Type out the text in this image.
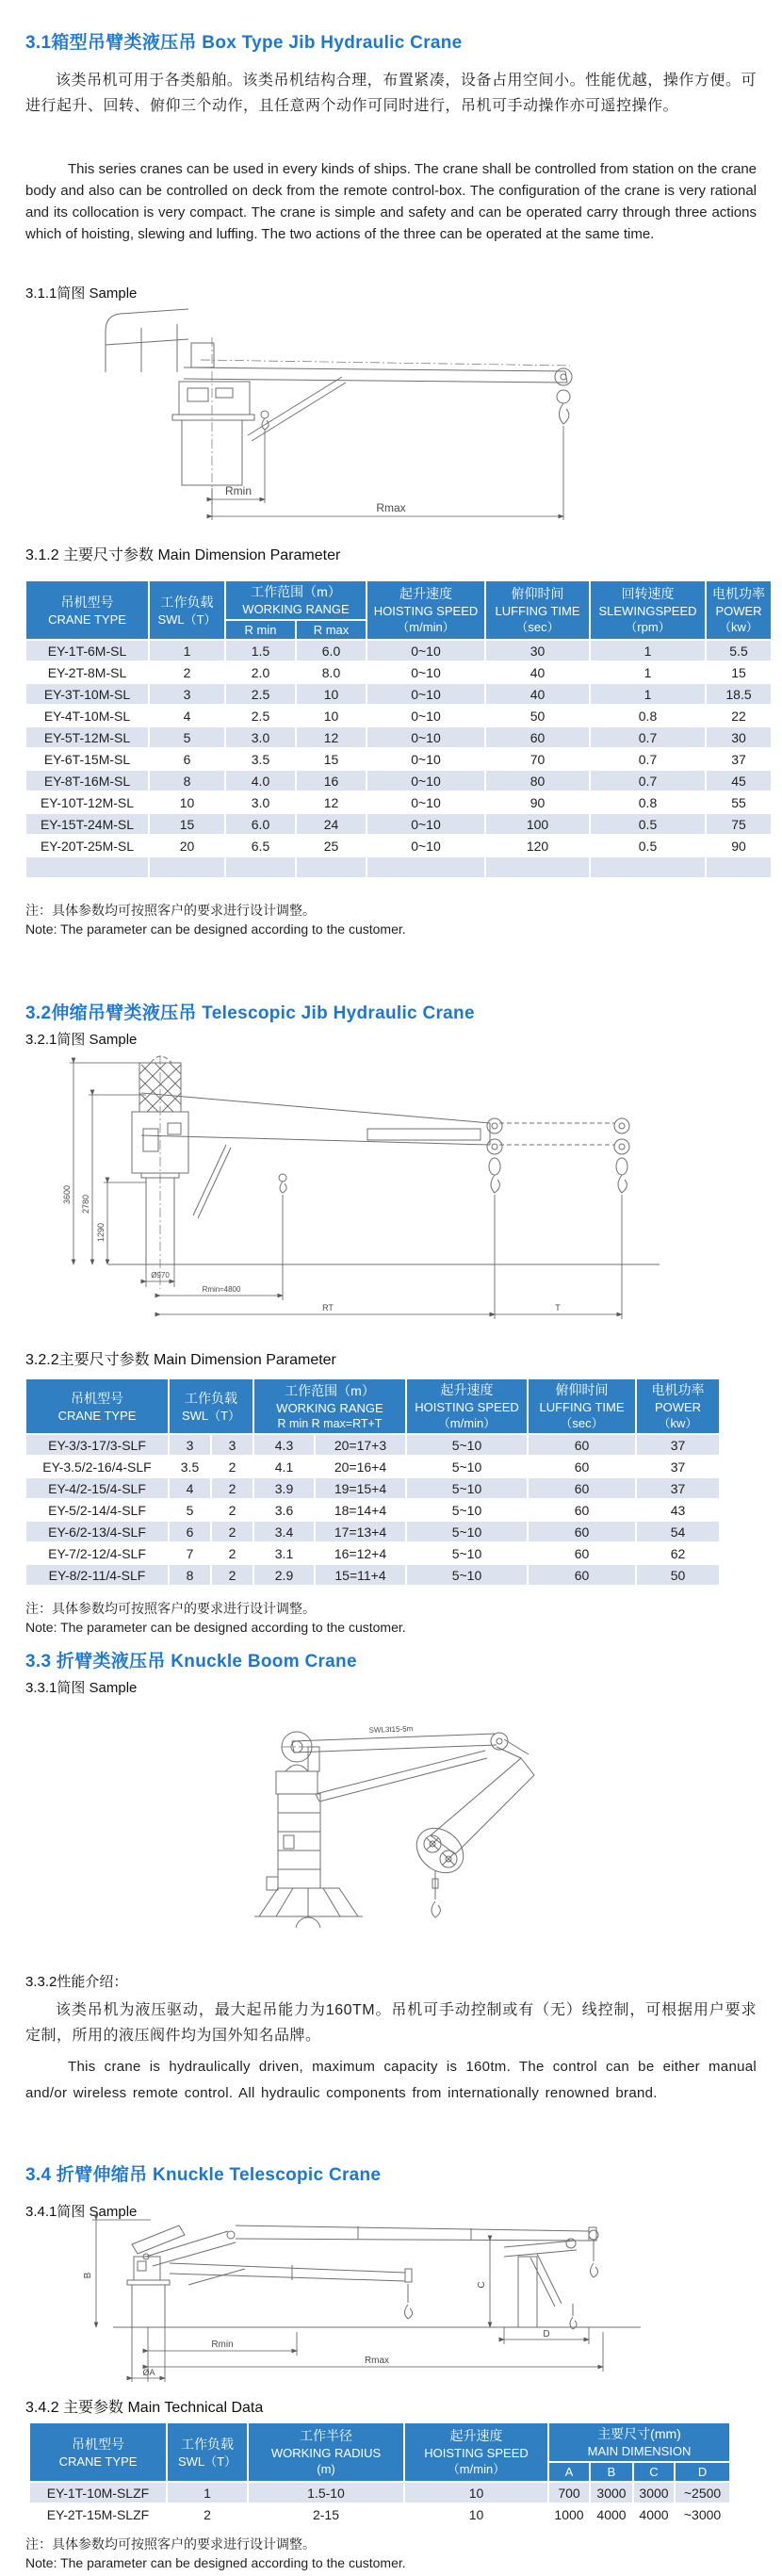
3.1箱型吊臂类液压吊 Box Type Jib Hydraulic Crane

该类吊机可用于各类船舶。该类吊机结构合理，布置紧凑，设备占用空间小。性能优越，操作方便。可进行起升、回转、俯仰三个动作，且任意两个动作可同时进行，吊机可手动操作亦可遥控操作。

This series cranes can be used in every kinds of ships. The crane shall be controlled from station on the crane body and also can be controlled on deck from the remote control-box. The configuration of the crane is very rational and its collocation is very compact. The crane is simple and safety and can be operated carry through three actions which of hoisting, slewing and luffing. The two actions of the three can be operated at the same time.

3.1.1简图 Sample
Rmin
Rmax
3.1.2 主要尺寸参数 Main Dimension Parameter
吊机型号
CRANE TYPE

工作负载
SWL（T）

工作范围（m）
WORKING RANGE

起升速度
HOISTING SPEED
（m/min）

俯仰时间
LUFFING TIME
（sec）

回转速度
SLEWINGSPEED
（rpm）

电机功率
POWER
（kw）

		R min	R max				

EY-1T-6M-SL	1	1.5	6.0	0~10	30	1	5.5
EY-2T-8M-SL	2	2.0	8.0	0~10	40	1	15
EY-3T-10M-SL	3	2.5	10	0~10	40	1	18.5
EY-4T-10M-SL	4	2.5	10	0~10	50	0.8	22
EY-5T-12M-SL	5	3.0	12	0~10	60	0.7	30
EY-6T-15M-SL	6	3.5	15	0~10	70	0.7	37
EY-8T-16M-SL	8	4.0	16	0~10	80	0.7	45
EY-10T-12M-SL	10	3.0	12	0~10	90	0.8	55
EY-15T-24M-SL	15	6.0	24	0~10	100	0.5	75
EY-20T-25M-SL	20	6.5	25	0~10	120	0.5	90

注：具体参数均可按照客户的要求进行设计调整。
Note: The parameter can be designed according to the customer.
3.2伸缩吊臂类液压吊 Telescopic Jib Hydraulic Crane
3.2.1简图 Sample
3600 2780
1290
Ø970
Rmin≈4800
RT	T
3.2.2主要尺寸参数 Main Dimension Parameter
吊机型号
CRANE TYPE

工作负载
SWL（T）

工作范围（m）
WORKING RANGE
R min R max=RT+T

起升速度
HOISTING SPEED
（m/min）

俯仰时间
LUFFING TIME
（sec）

电机功率
POWER
（kw）

EY-3/3-17/3-SLF	3	3	4.3	20=17+3	5~10	60	37
EY-3.5/2-16/4-SLF	3.5	2	4.1	20=16+4	5~10	60	37
EY-4/2-15/4-SLF	4	2	3.9	19=15+4	5~10	60	37
EY-5/2-14/4-SLF	5	2	3.6	18=14+4	5~10	60	43
EY-6/2-13/4-SLF	6	2	3.4	17=13+4	5~10	60	54
EY-7/2-12/4-SLF	7	2	3.1	16=12+4	5~10	60	62
EY-8/2-11/4-SLF	8	2	2.9	15=11+4	5~10	60	50
注：具体参数均可按照客户的要求进行设计调整。
Note: The parameter can be designed according to the customer.
3.3 折臂类液压吊 Knuckle Boom Crane
3.3.1简图 Sample
SWL3t15-5m
3.3.2性能介绍：

该类吊机为液压驱动，最大起吊能力为160TM。吊机可手动控制或有（无）线控制，可根据用户要求定制，所用的液压阀件均为国外知名品牌。

This crane is hydraulically driven, maximum capacity is 160tm. The control can be either manual and/or wireless remote control. All hydraulic components from internationally renowned brand.

3.4 折臂伸缩吊 Knuckle Telescopic Crane
3.4.1简图 Sample
B
C
D
Rmin
Rmax
ØA
3.4.2 主要参数 Main Technical Data
吊机型号
CRANE TYPE

工作负载
SWL（T）

工作半径
WORKING RADIUS
(m)

起升速度
HOISTING SPEED
（m/min）

主要尺寸(mm)
MAIN DIMENSION

				A	B	C	D

EY-1T-10M-SLZF	1	1.5-10	10	700	3000	3000	~2500
EY-2T-15M-SLZF	2	2-15	10	1000	4000	4000	~3000
注：具体参数均可按照客户的要求进行设计调整。
Note: The parameter can be designed according to the customer.
